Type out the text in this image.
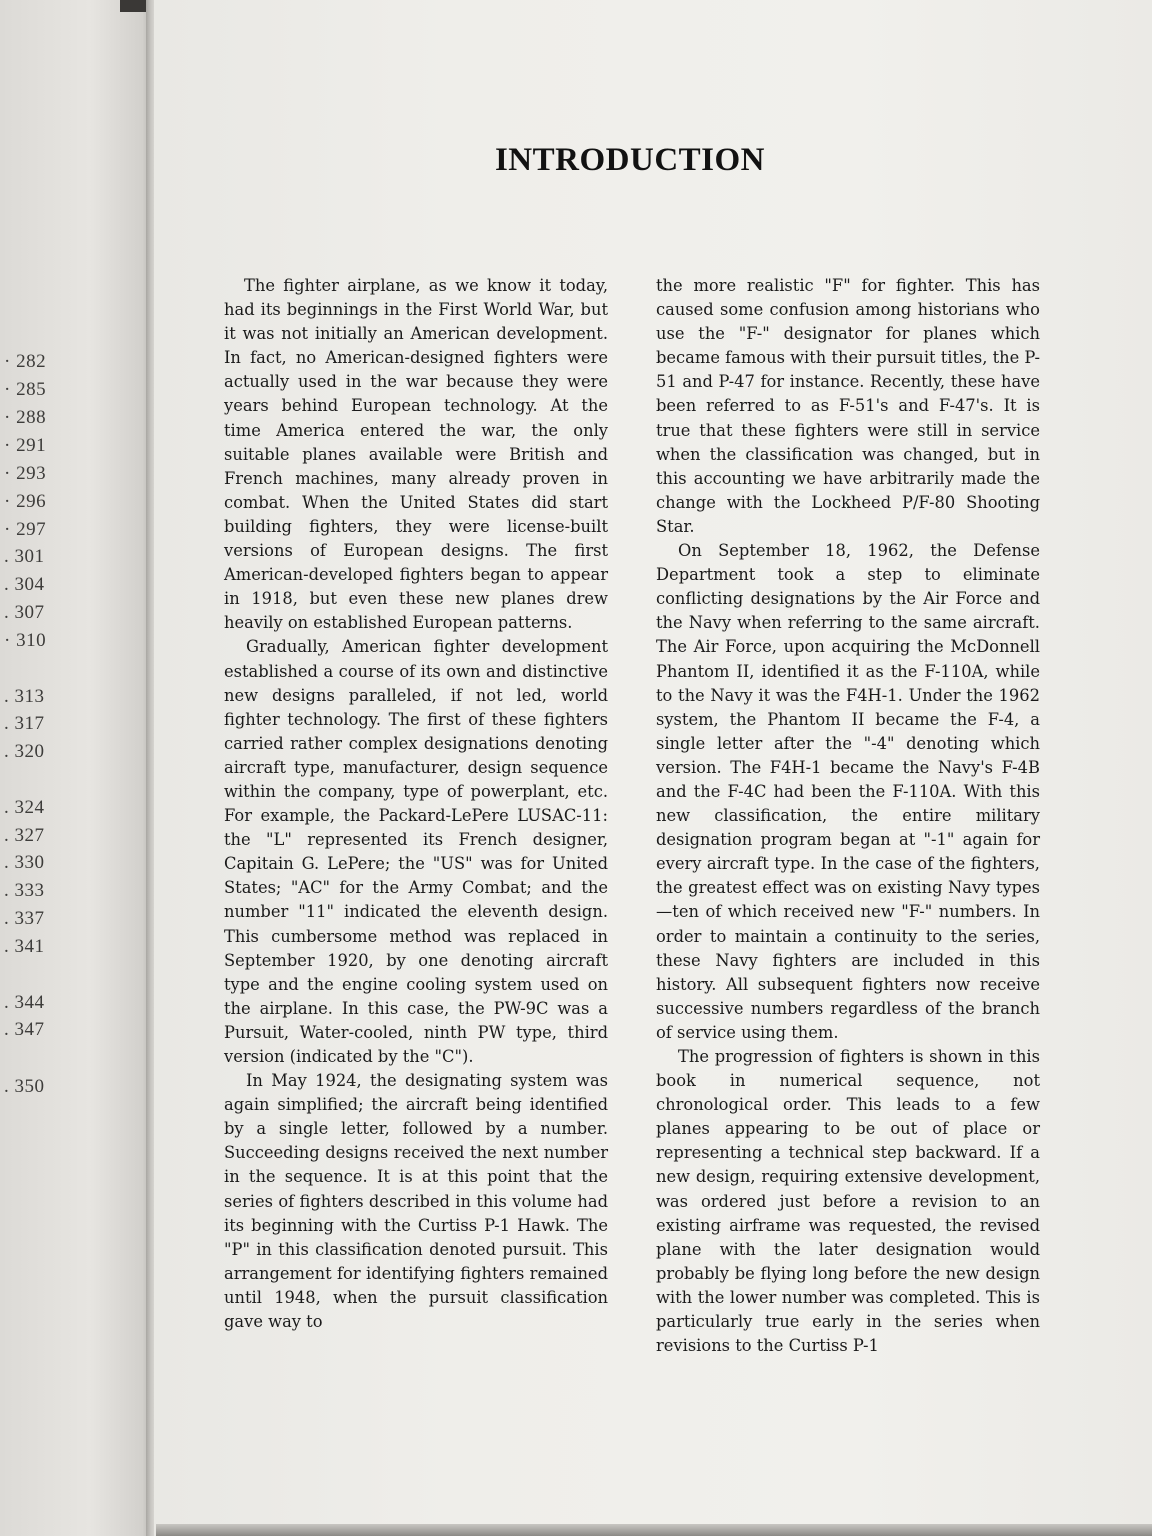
· 282
· 285
· 288
· 291
· 293
· 296
· 297
. 301
. 304
. 307
· 310
. 313
. 317
. 320
. 324
. 327
. 330
. 333
. 337
. 341
. 344
. 347
. 350
INTRODUCTION

The fighter airplane, as we know it today, had its beginnings in the First World War, but it was not initially an American development. In fact, no American-designed fighters were actually used in the war because they were years behind European technology. At the time America entered the war, the only suitable planes available were British and French machines, many already proven in combat. When the United States did start building fighters, they were license-built versions of European designs. The first American-developed fighters began to appear in 1918, but even these new planes drew heavily on established European patterns.

Gradually, American fighter development established a course of its own and distinctive new designs paralleled, if not led, world fighter technology. The first of these fighters carried rather complex designations denoting aircraft type, manufacturer, design sequence within the company, type of powerplant, etc. For example, the Packard-LePere LUSAC-11: the "L" represented its French designer, Capitain G. LePere; the "US" was for United States; "AC" for the Army Combat; and the number "11" indicated the eleventh design. This cumbersome method was replaced in September 1920, by one denoting aircraft type and the engine cooling system used on the airplane. In this case, the PW-9C was a Pursuit, Water-cooled, ninth PW type, third version (indicated by the "C").

In May 1924, the designating system was again simplified; the aircraft being identified by a single letter, followed by a number. Succeeding designs received the next number in the sequence. It is at this point that the series of fighters described in this volume had its beginning with the Curtiss P-1 Hawk. The "P" in this classification denoted pursuit. This arrangement for identifying fighters remained until 1948, when the pursuit classification gave way to

the more realistic "F" for fighter. This has caused some confusion among historians who use the "F-" designator for planes which became famous with their pursuit titles, the P-51 and P-47 for instance. Recently, these have been referred to as F-51's and F-47's. It is true that these fighters were still in service when the classification was changed, but in this accounting we have arbitrarily made the change with the Lockheed P/F-80 Shooting Star.

On September 18, 1962, the Defense Department took a step to eliminate conflicting designations by the Air Force and the Navy when referring to the same aircraft. The Air Force, upon acquiring the McDonnell Phantom II, identified it as the F-110A, while to the Navy it was the F4H-1. Under the 1962 system, the Phantom II became the F-4, a single letter after the "-4" denoting which version. The F4H-1 became the Navy's F-4B and the F-4C had been the F-110A. With this new classification, the entire military designation program began at "-1" again for every aircraft type. In the case of the fighters, the greatest effect was on existing Navy types—ten of which received new "F-" numbers. In order to maintain a continuity to the series, these Navy fighters are included in this history. All subsequent fighters now receive successive numbers regardless of the branch of service using them.

The progression of fighters is shown in this book in numerical sequence, not chronological order. This leads to a few planes appearing to be out of place or representing a technical step backward. If a new design, requiring extensive development, was ordered just before a revision to an existing airframe was requested, the revised plane with the later designation would probably be flying long before the new design with the lower number was completed. This is particularly true early in the series when revisions to the Curtiss P-1
